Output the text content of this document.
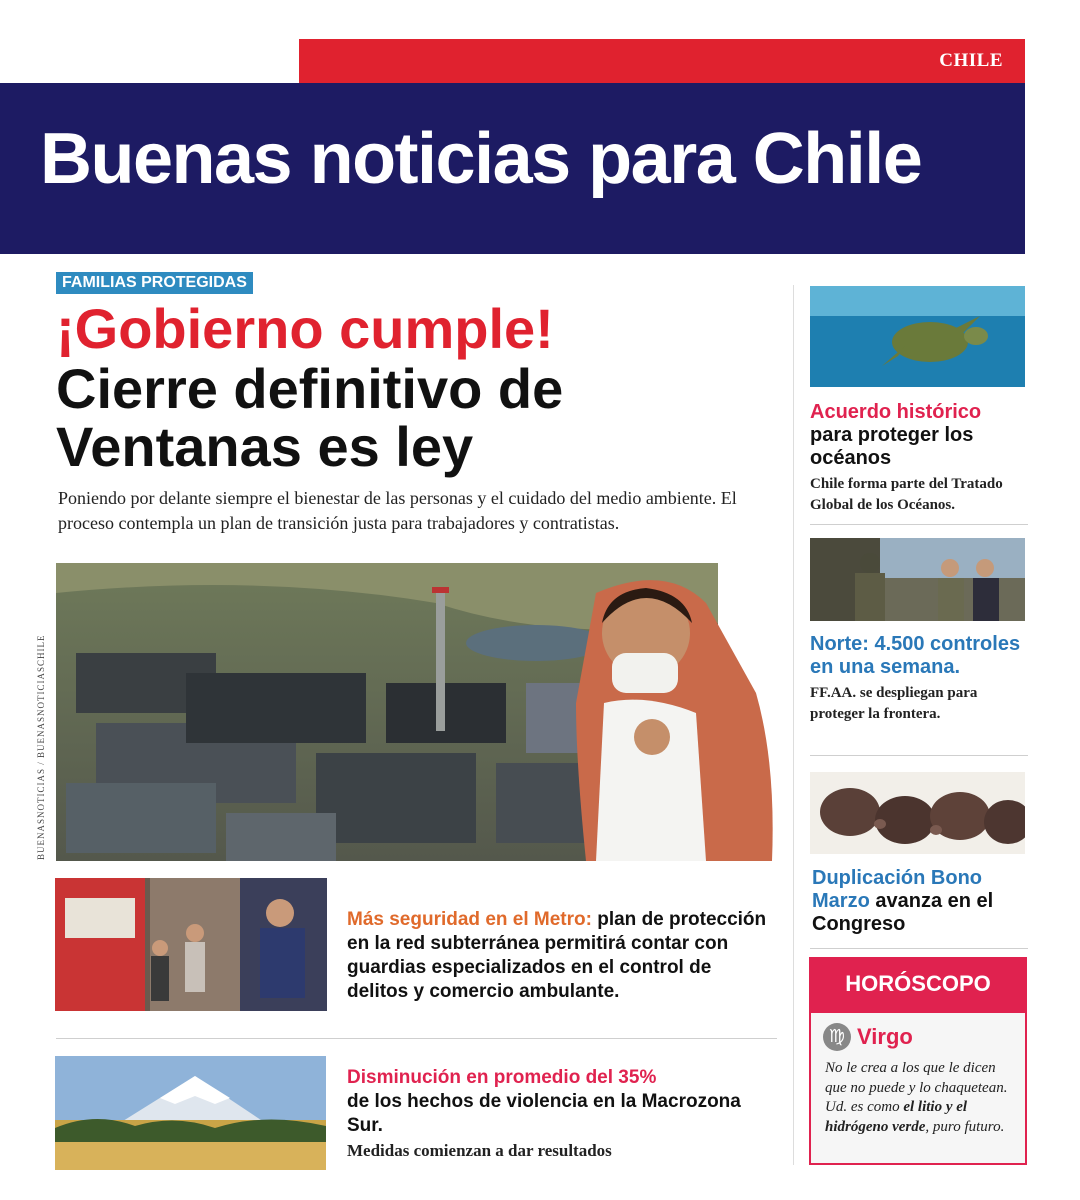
CHILE
Buenas noticias para Chile
FAMILIAS PROTEGIDAS
¡Gobierno cumple!
Cierre definitivo de Ventanas es ley
Poniendo por delante siempre el bienestar de las personas y el cuidado del medio ambiente. El proceso contempla un plan de transición justa para trabajadores y contratistas.
BUENASNOTICIAS / BUENASNOTICIASCHILE
Más seguridad en el Metro: plan de protección en la red subterránea permitirá contar con guardias especializados en el control de delitos y comercio ambulante.
Disminución en promedio del 35%
de los hechos de violencia en la Macrozona Sur.
Medidas comienzan a dar resultados
Acuerdo histórico
para proteger los océanos
Chile forma parte del Tratado Global de los Océanos.
Norte: 4.500 controles en una semana.
FF.AA. se despliegan para proteger la frontera.
Duplicación Bono Marzo avanza en el Congreso
HORÓSCOPO
♍ Virgo
No le crea a los que le dicen que no puede y lo chaquetean. Ud. es como el litio y el hidrógeno verde, puro futuro.
